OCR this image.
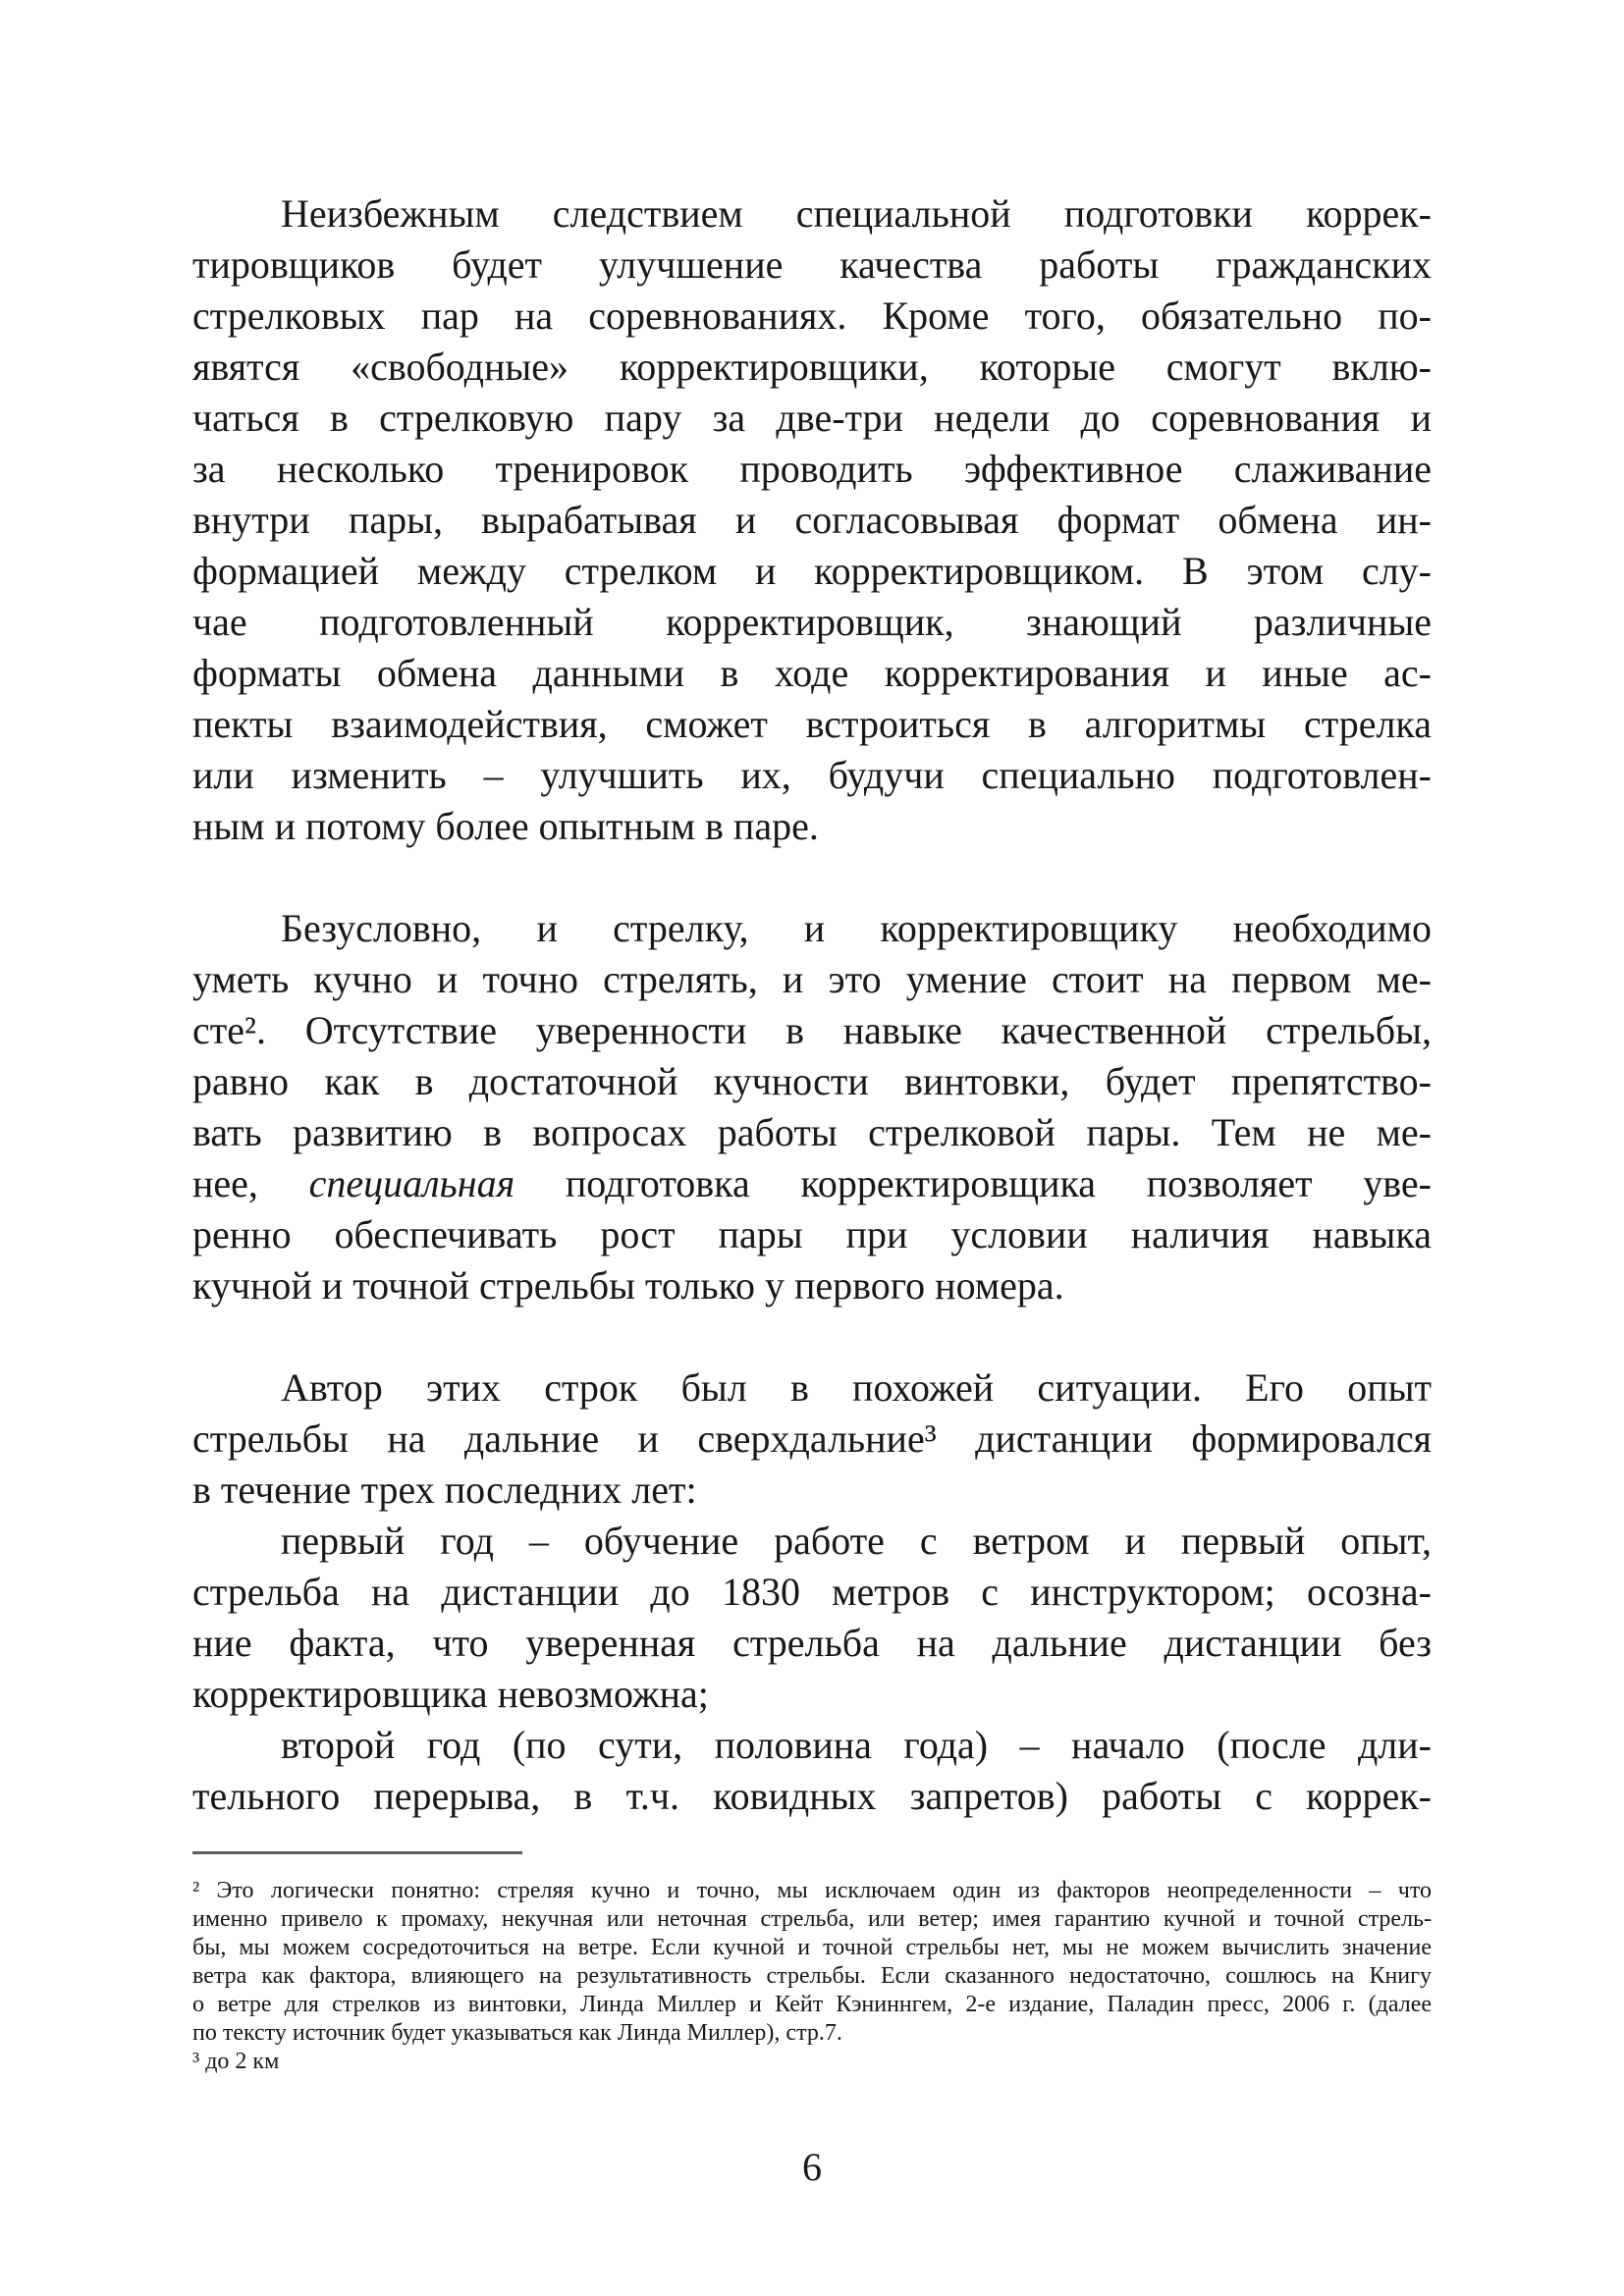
Неизбежным следствием специальной подготовки коррек-
тировщиков будет улучшение качества работы гражданских
стрелковых пар на соревнованиях. Кроме того, обязательно по-
явятся «свободные» корректировщики, которые смогут вклю-
чаться в стрелковую пару за две-три недели до соревнования и
за несколько тренировок проводить эффективное слаживание
внутри пары, вырабатывая и согласовывая формат обмена ин-
формацией между стрелком и корректировщиком. В этом слу-
чае подготовленный корректировщик, знающий различные
форматы обмена данными в ходе корректирования и иные ас-
пекты взаимодействия, сможет встроиться в алгоритмы стрелка
или изменить – улучшить их, будучи специально подготовлен-
ным и потому более опытным в паре.
Безусловно, и стрелку, и корректировщику необходимо
уметь кучно и точно стрелять, и это умение стоит на первом ме-
сте². Отсутствие уверенности в навыке качественной стрельбы,
равно как в достаточной кучности винтовки, будет препятство-
вать развитию в вопросах работы стрелковой пары. Тем не ме-
нее, специальная подготовка корректировщика позволяет уве-
ренно обеспечивать рост пары при условии наличия навыка
кучной и точной стрельбы только у первого номера.
Автор этих строк был в похожей ситуации. Его опыт
стрельбы на дальние и сверхдальние³ дистанции формировался
в течение трех последних лет:
первый год – обучение работе с ветром и первый опыт,
стрельба на дистанции до 1830 метров с инструктором; осозна-
ние факта, что уверенная стрельба на дальние дистанции без
корректировщика невозможна;
второй год (по сути, половина года) – начало (после дли-
тельного перерыва, в т.ч. ковидных запретов) работы с коррек-
² Это логически понятно: стреляя кучно и точно, мы исключаем один из факторов неопределенности – что
именно привело к промаху, некучная или неточная стрельба, или ветер; имея гарантию кучной и точной стрель-
бы, мы можем сосредоточиться на ветре. Если кучной и точной стрельбы нет, мы не можем вычислить значение
ветра как фактора, влияющего на результативность стрельбы. Если сказанного недостаточно, сошлюсь на Книгу
о ветре для стрелков из винтовки, Линда Миллер и Кейт Кэниннгем, 2-е издание, Паладин пресс, 2006 г. (далее
по тексту источник будет указываться как Линда Миллер), стр.7.
³ до 2 км
6
